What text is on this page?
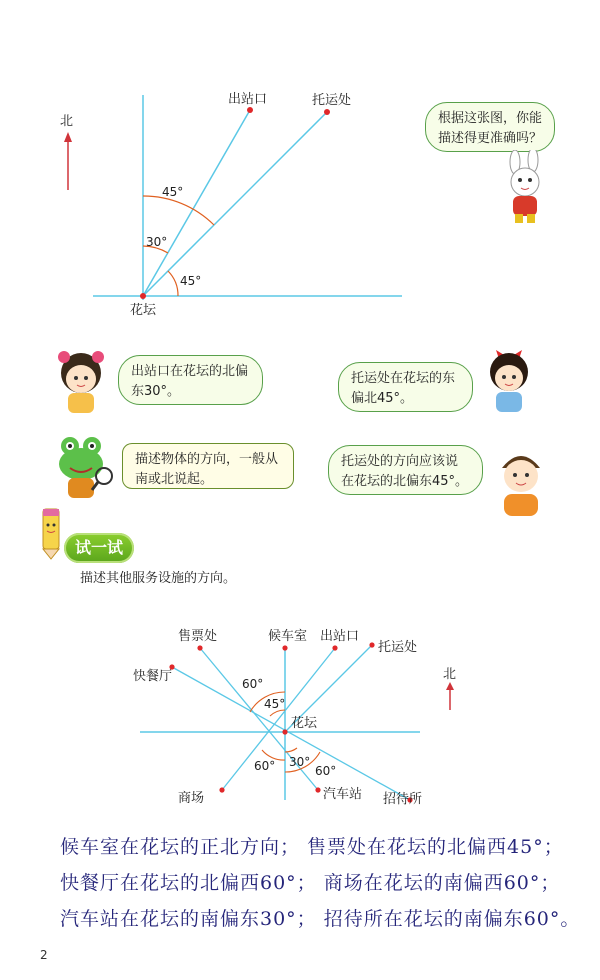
北
出站口	托运处
花坛
45°
30°
45°
根据这张图，你能描述得更准确吗？
出站口在花坛的北偏东30°。
托运处在花坛的东偏北45°。
描述物体的方向，一般从南或北说起。
托运处的方向应该说在花坛的北偏东45°。
试一试
描述其他服务设施的方向。
北
售票处	候车室 出站口
托运处
快餐厅
花坛
商场	汽车站 招待所
60°
45°
60° 30°
60°
候车室在花坛的正北方向； 售票处在花坛的北偏西45°；
快餐厅在花坛的北偏西60°； 商场在花坛的南偏西60°；
汽车站在花坛的南偏东30°； 招待所在花坛的南偏东60°。
2
